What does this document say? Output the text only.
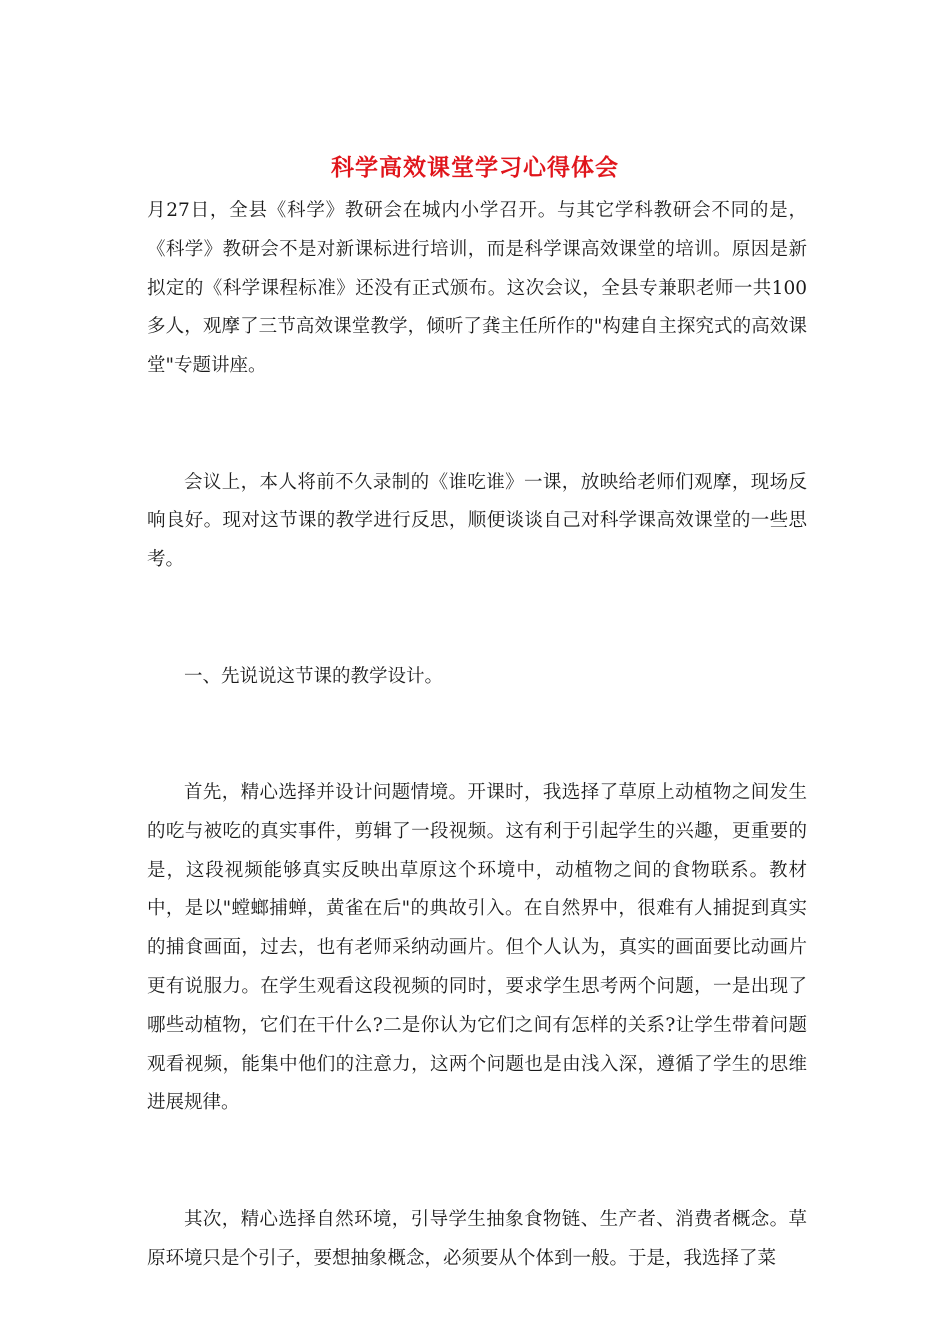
科学高效课堂学习心得体会

月27日，全县《科学》教研会在城内小学召开。与其它学科教研会不同的是，《科学》教研会不是对新课标进行培训，而是科学课高效课堂的培训。原因是新拟定的《科学课程标准》还没有正式颁布。这次会议，全县专兼职老师一共100多人，观摩了三节高效课堂教学，倾听了龚主任所作的"构建自主探究式的高效课堂"专题讲座。

会议上，本人将前不久录制的《谁吃谁》一课，放映给老师们观摩，现场反响良好。现对这节课的教学进行反思，顺便谈谈自己对科学课高效课堂的一些思考。

一、先说说这节课的教学设计。

首先，精心选择并设计问题情境。开课时，我选择了草原上动植物之间发生的吃与被吃的真实事件，剪辑了一段视频。这有利于引起学生的兴趣，更重要的是，这段视频能够真实反映出草原这个环境中，动植物之间的食物联系。教材中，是以"螳螂捕蝉，黄雀在后"的典故引入。在自然界中，很难有人捕捉到真实的捕食画面，过去，也有老师采纳动画片。但个人认为，真实的画面要比动画片更有说服力。在学生观看这段视频的同时，要求学生思考两个问题，一是出现了哪些动植物，它们在干什么?二是你认为它们之间有怎样的关系?让学生带着问题观看视频，能集中他们的注意力，这两个问题也是由浅入深，遵循了学生的思维进展规律。

其次，精心选择自然环境，引导学生抽象食物链、生产者、消费者概念。草原环境只是个引子，要想抽象概念，必须要从个体到一般。于是，我选择了菜
